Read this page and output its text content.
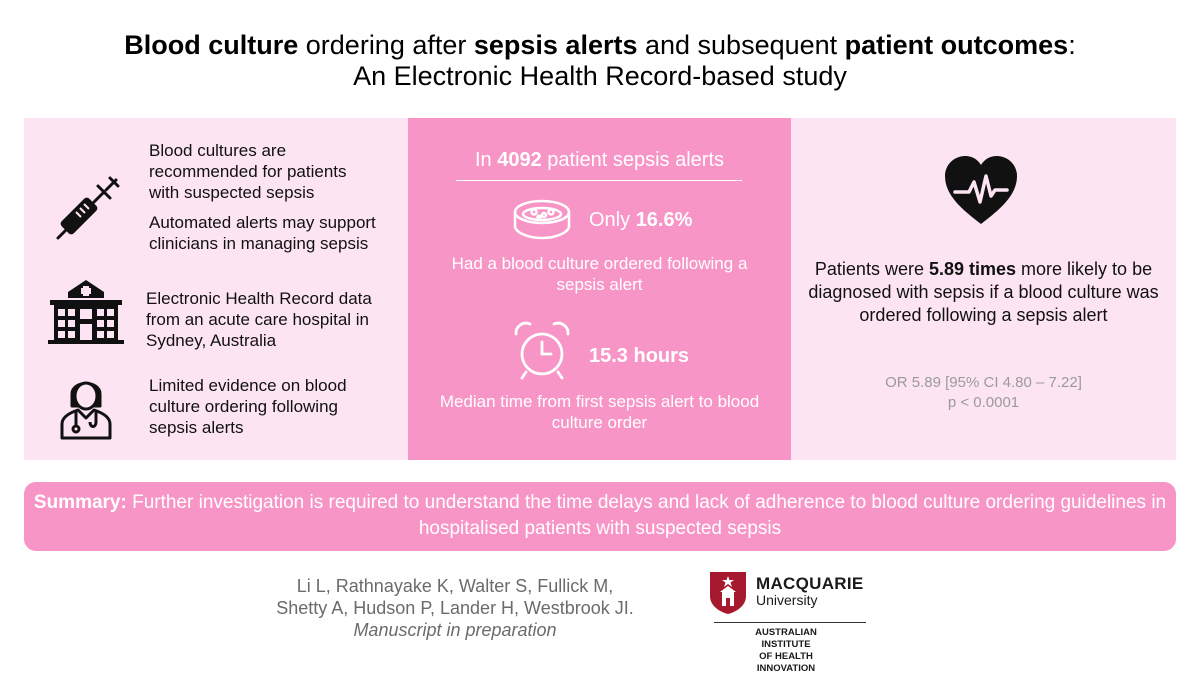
Blood culture ordering after sepsis alerts and subsequent patient outcomes:
An Electronic Health Record-based study
Blood cultures are recommended for patients with suspected sepsis
Automated alerts may support clinicians in managing sepsis
Electronic Health Record data from an acute care hospital in Sydney, Australia
Limited evidence on blood culture ordering following sepsis alerts
In 4092 patient sepsis alerts
Only 16.6%
Had a blood culture ordered following a sepsis alert
15.3 hours
Median time from first sepsis alert to blood culture order
Patients were 5.89 times more likely to be diagnosed with sepsis if a blood culture was ordered following a sepsis alert
OR 5.89 [95% CI 4.80 – 7.22]
p < 0.0001
Summary: Further investigation is required to understand the time delays and lack of adherence to blood culture ordering guidelines in hospitalised patients with suspected sepsis
Li L, Rathnayake K, Walter S, Fullick M,
Shetty A, Hudson P, Lander H, Westbrook JI.
Manuscript in preparation
MACQUARIE
University
AUSTRALIAN INSTITUTE
OF HEALTH INNOVATION
